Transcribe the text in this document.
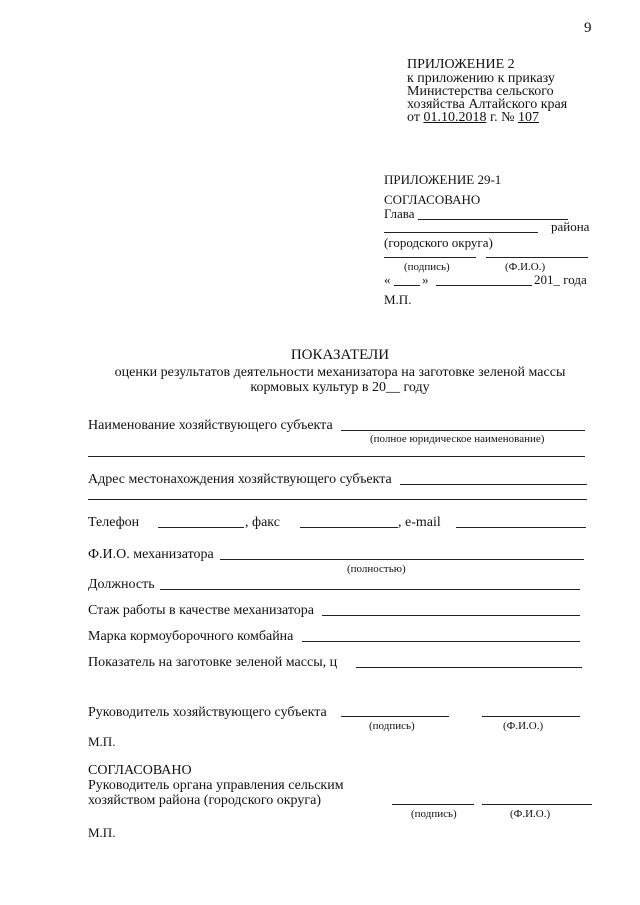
9
ПРИЛОЖЕНИЕ 2
к приложению к приказу
Министерства сельского
хозяйства Алтайского края
от 01.10.2018 г. № 107
ПРИЛОЖЕНИЕ 29-1
СОГЛАСОВАНО
Глава
района
(городского округа)
(подпись)	(Ф.И.О.)
« »	201_ года
М.П.
ПОКАЗАТЕЛИ
оценки результатов деятельности механизатора на заготовке зеленой массы
кормовых культур в 20__ году
Наименование хозяйствующего субъекта
(полное юридическое наименование)
Адрес местонахождения хозяйствующего субъекта
Телефон	, факс	, e-mail
Ф.И.О. механизатора
(полностью)
Должность
Стаж работы в качестве механизатора
Марка кормоуборочного комбайна
Показатель на заготовке зеленой массы, ц
Руководитель хозяйствующего субъекта
(подпись)	(Ф.И.О.)
М.П.
СОГЛАСОВАНО
Руководитель органа управления сельским
хозяйством района (городского округа)
(подпись)	(Ф.И.О.)
М.П.
